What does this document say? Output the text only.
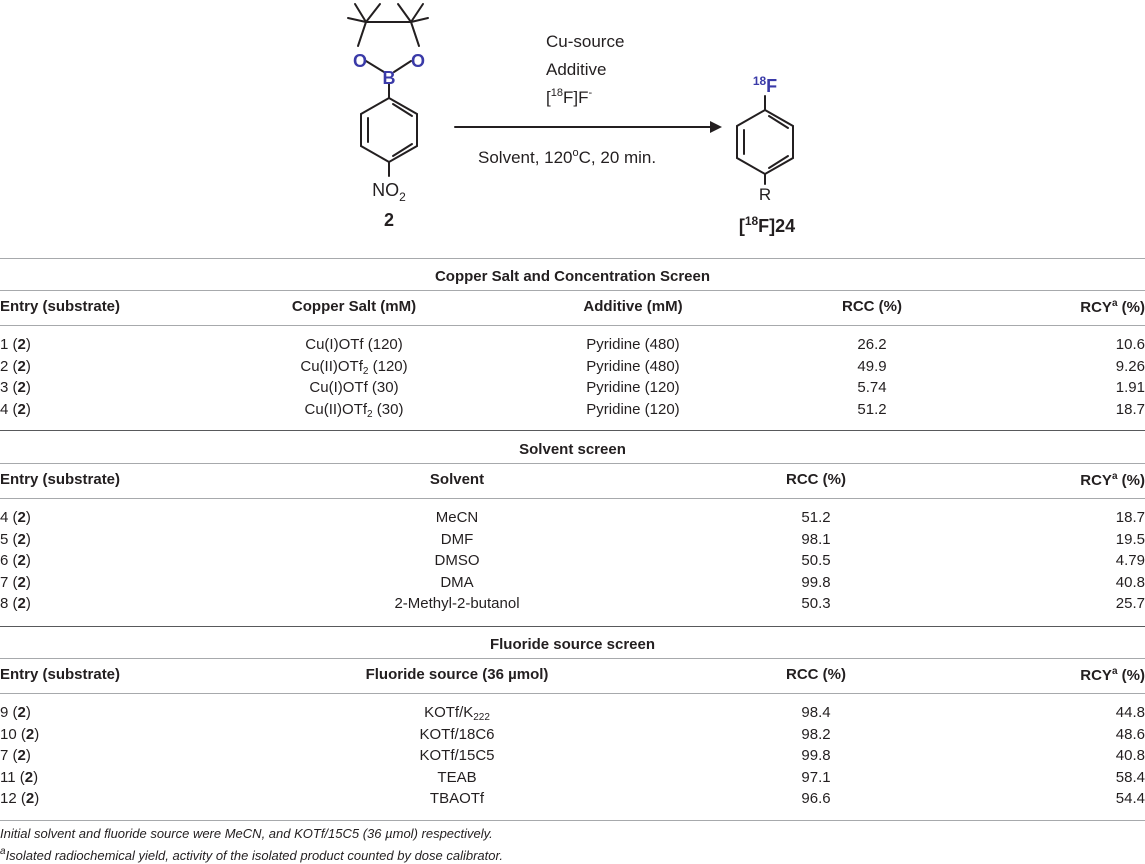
O O
B
$NO_2$
2
Cu-source
Additive
[$^{18}$F]F-
Solvent, 120$^o$C, 20 min.
$^{18}$F
R
[$^{18}$F]24
Copper Salt and Concentration Screen
Entry (substrate)	Copper Salt (mM)	Additive (mM)	RCC (%)	RCY$^a$ (%)
1 (2)	Cu(I)OTf (120)	Pyridine (480)	26.2	10.6
2 (2)	Cu(II)OTf$_2$ (120)	Pyridine (480)	49.9	9.26
3 (2)	Cu(I)OTf (30)	Pyridine (120)	5.74	1.91
4 (2)	Cu(II)OTf$_2$ (30)	Pyridine (120)	51.2	18.7
Solvent screen
Entry (substrate)	Solvent	RCC (%)	RCY$^a$ (%)
4 (2)	MeCN	51.2	18.7
5 (2)	DMF	98.1	19.5
6 (2)	DMSO	50.5	4.79
7 (2)	DMA	99.8	40.8
8 (2)	2-Methyl-2-butanol	50.3	25.7
Fluoride source screen
Entry (substrate)	Fluoride source (36 µmol)	RCC (%)	RCY$^a$ (%)
9 (2)	KOTf/$K_{222}$	98.4	44.8
10 (2)	KOTf/18C6	98.2	48.6
7 (2)	KOTf/15C5	99.8	40.8
11 (2)	TEAB	97.1	58.4
12 (2)	TBAOTf	96.6	54.4
Initial solvent and fluoride source were MeCN, and KOTf/15C5 (36 µmol) respectively.
$^a$Isolated radiochemical yield, activity of the isolated product counted by dose calibrator.
